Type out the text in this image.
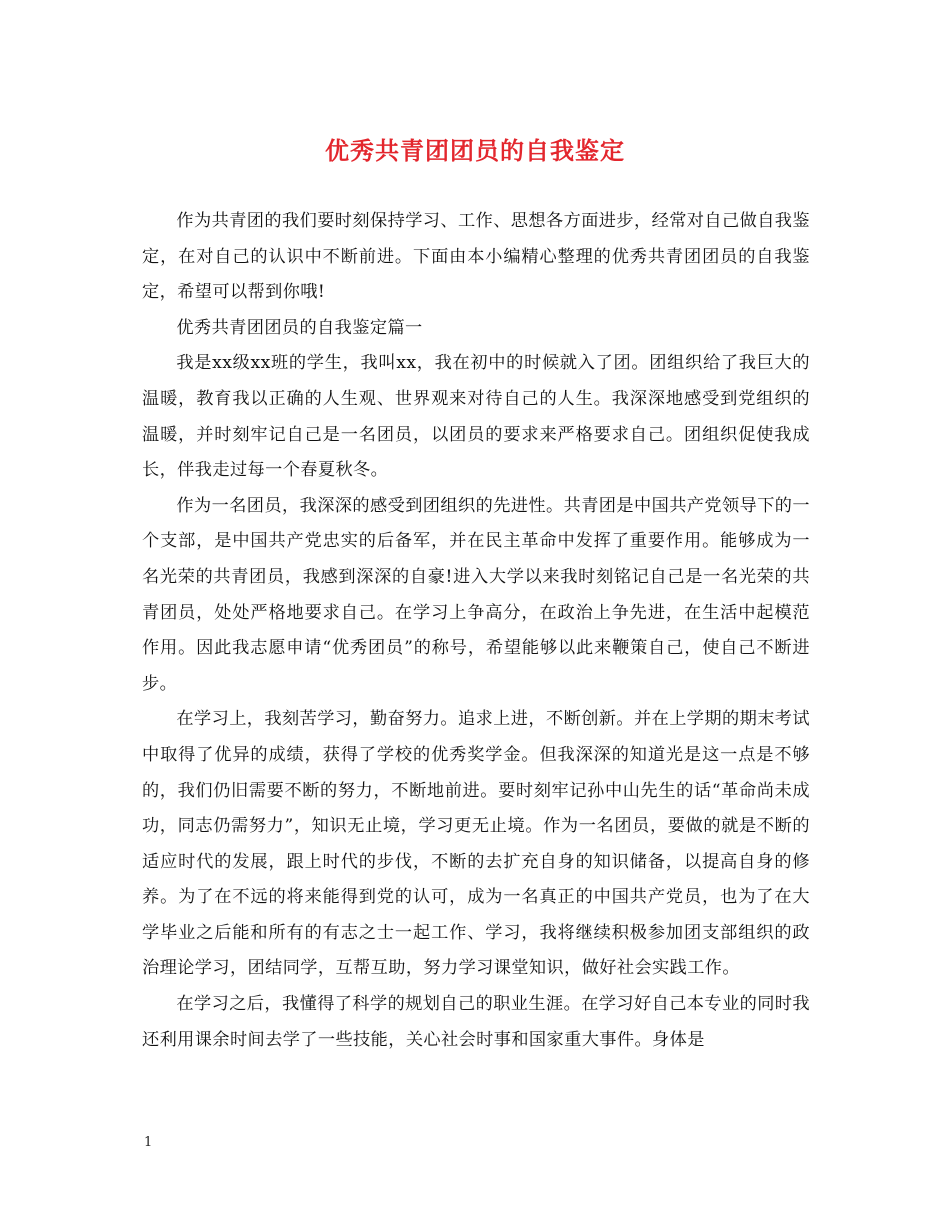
优秀共青团团员的自我鉴定

作为共青团的我们要时刻保持学习、工作、思想各方面进步，经常对自己做自我鉴定，在对自己的认识中不断前进。下面由本小编精心整理的优秀共青团团员的自我鉴定，希望可以帮到你哦!

优秀共青团团员的自我鉴定篇一

我是xx级xx班的学生，我叫xx，我在初中的时候就入了团。团组织给了我巨大的温暖，教育我以正确的人生观、世界观来对待自己的人生。我深深地感受到党组织的温暖，并时刻牢记自己是一名团员，以团员的要求来严格要求自己。团组织促使我成长，伴我走过每一个春夏秋冬。

作为一名团员，我深深的感受到团组织的先进性。共青团是中国共产党领导下的一个支部，是中国共产党忠实的后备军，并在民主革命中发挥了重要作用。能够成为一名光荣的共青团员，我感到深深的自豪!进入大学以来我时刻铭记自己是一名光荣的共青团员，处处严格地要求自己。在学习上争高分，在政治上争先进，在生活中起模范作用。因此我志愿申请“优秀团员”的称号，希望能够以此来鞭策自己，使自己不断进步。

在学习上，我刻苦学习，勤奋努力。追求上进，不断创新。并在上学期的期末考试中取得了优异的成绩，获得了学校的优秀奖学金。但我深深的知道光是这一点是不够的，我们仍旧需要不断的努力，不断地前进。要时刻牢记孙中山先生的话“革命尚未成功，同志仍需努力”，知识无止境，学习更无止境。作为一名团员，要做的就是不断的适应时代的发展，跟上时代的步伐，不断的去扩充自身的知识储备，以提高自身的修养。为了在不远的将来能得到党的认可，成为一名真正的中国共产党员，也为了在大学毕业之后能和所有的有志之士一起工作、学习，我将继续积极参加团支部组织的政治理论学习，团结同学，互帮互助，努力学习课堂知识，做好社会实践工作。

在学习之后，我懂得了科学的规划自己的职业生涯。在学习好自己本专业的同时我还利用课余时间去学了一些技能，关心社会时事和国家重大事件。身体是

1
